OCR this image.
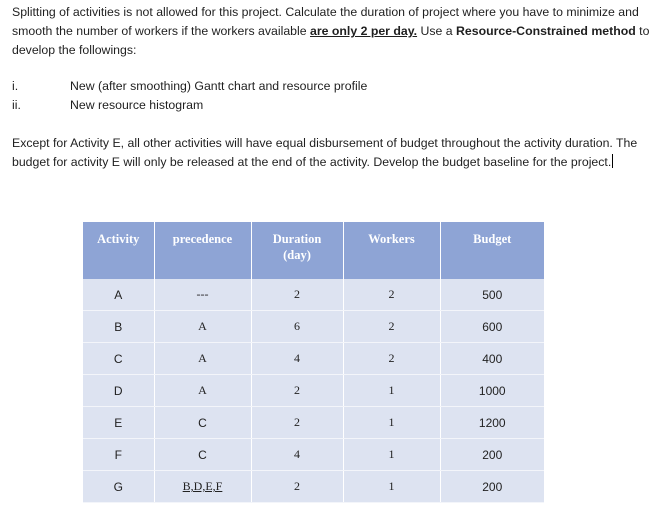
Splitting of activities is not allowed for this project. Calculate the duration of project where you have to minimize and smooth the number of workers if the workers available are only 2 per day. Use a Resource-Constrained method to develop the followings:
i.	New (after smoothing) Gantt chart and resource profile
ii.	New resource histogram
Except for Activity E, all other activities will have equal disbursement of budget throughout the activity duration. The budget for activity E will only be released at the end of the activity. Develop the budget baseline for the project.
Activity	precedence	Duration (day)	Workers	Budget
A	---	2	2	500
B	A	6	2	600
C	A	4	2	400
D	A	2	1	1000
E	C	2	1	1200
F	C	4	1	200
G	B,D,E,F	2	1	200
